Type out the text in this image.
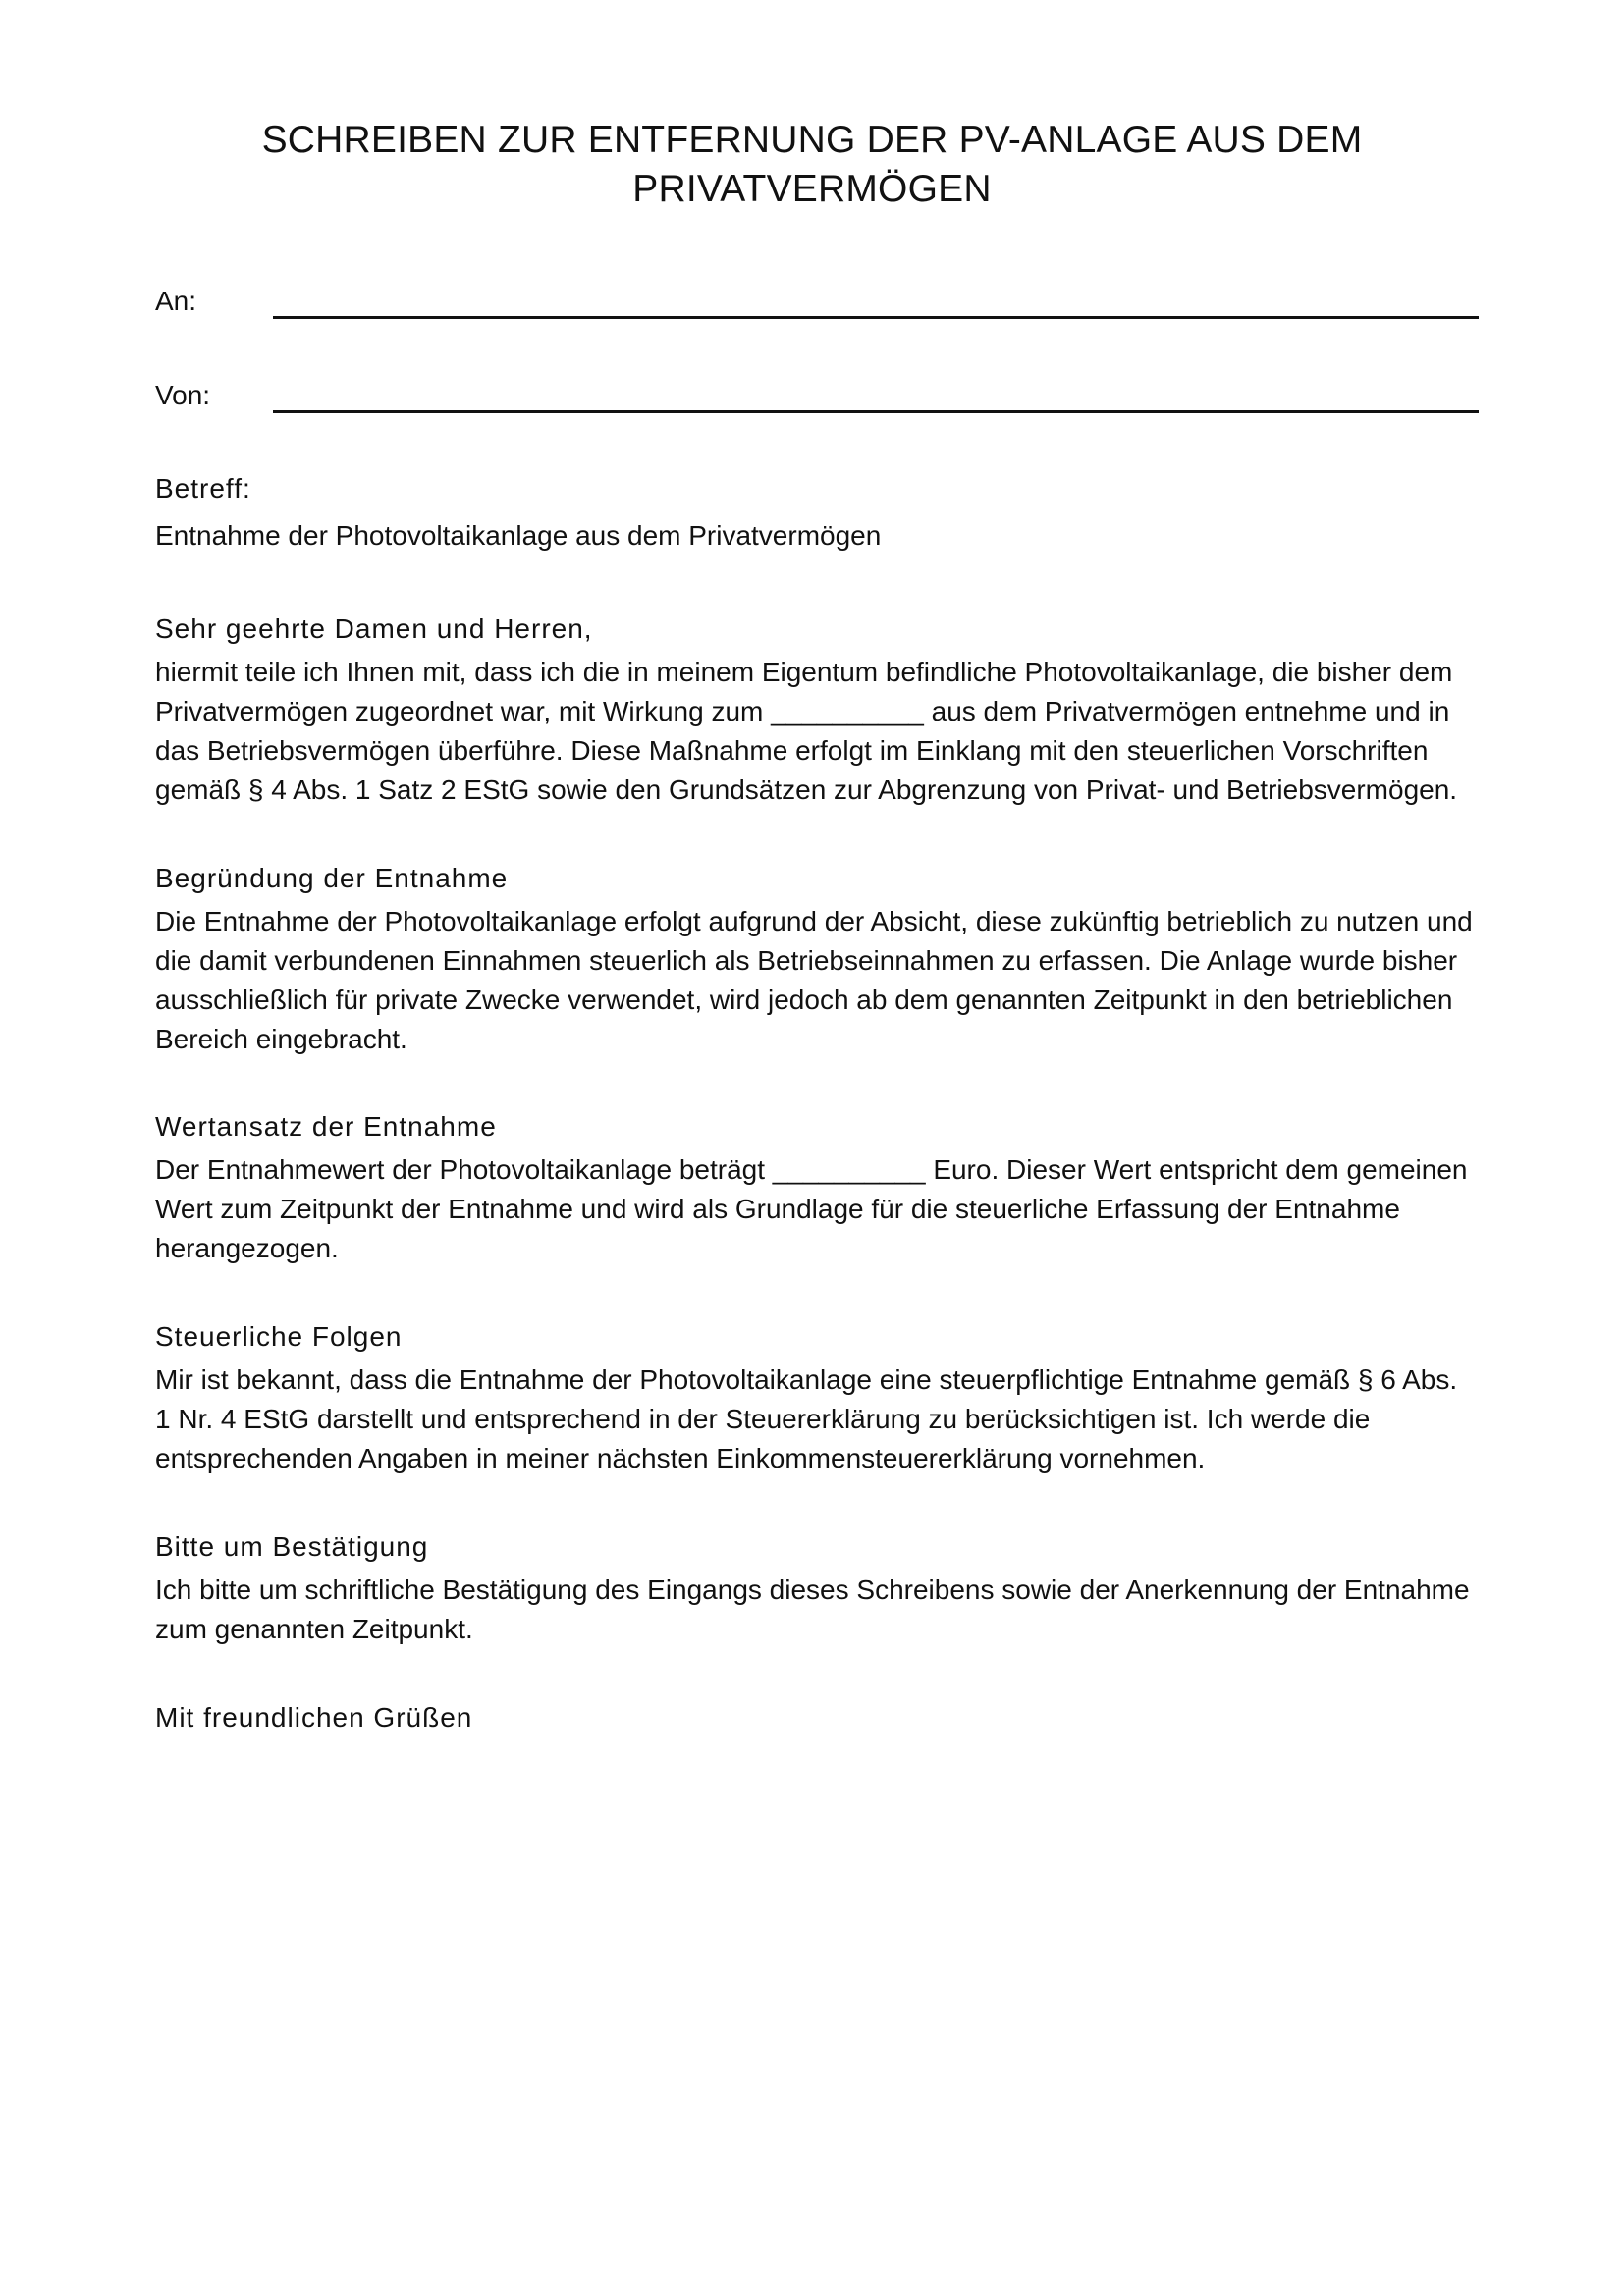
SCHREIBEN ZUR ENTFERNUNG DER PV-ANLAGE AUS DEM
PRIVATVERMÖGEN
An:
Von:
Betreff:
Entnahme der Photovoltaikanlage aus dem Privatvermögen
Sehr geehrte Damen und Herren,
hiermit teile ich Ihnen mit, dass ich die in meinem Eigentum befindliche Photovoltaikanlage, die bisher dem
Privatvermögen zugeordnet war, mit Wirkung zum __________ aus dem Privatvermögen entnehme und in
das Betriebsvermögen überführe. Diese Maßnahme erfolgt im Einklang mit den steuerlichen Vorschriften
gemäß § 4 Abs. 1 Satz 2 EStG sowie den Grundsätzen zur Abgrenzung von Privat- und Betriebsvermögen.
Begründung der Entnahme
Die Entnahme der Photovoltaikanlage erfolgt aufgrund der Absicht, diese zukünftig betrieblich zu nutzen und
die damit verbundenen Einnahmen steuerlich als Betriebseinnahmen zu erfassen. Die Anlage wurde bisher
ausschließlich für private Zwecke verwendet, wird jedoch ab dem genannten Zeitpunkt in den betrieblichen
Bereich eingebracht.
Wertansatz der Entnahme
Der Entnahmewert der Photovoltaikanlage beträgt __________ Euro. Dieser Wert entspricht dem gemeinen
Wert zum Zeitpunkt der Entnahme und wird als Grundlage für die steuerliche Erfassung der Entnahme
herangezogen.
Steuerliche Folgen
Mir ist bekannt, dass die Entnahme der Photovoltaikanlage eine steuerpflichtige Entnahme gemäß § 6 Abs.
1 Nr. 4 EStG darstellt und entsprechend in der Steuererklärung zu berücksichtigen ist. Ich werde die
entsprechenden Angaben in meiner nächsten Einkommensteuererklärung vornehmen.
Bitte um Bestätigung
Ich bitte um schriftliche Bestätigung des Eingangs dieses Schreibens sowie der Anerkennung der Entnahme
zum genannten Zeitpunkt.
Mit freundlichen Grüßen
